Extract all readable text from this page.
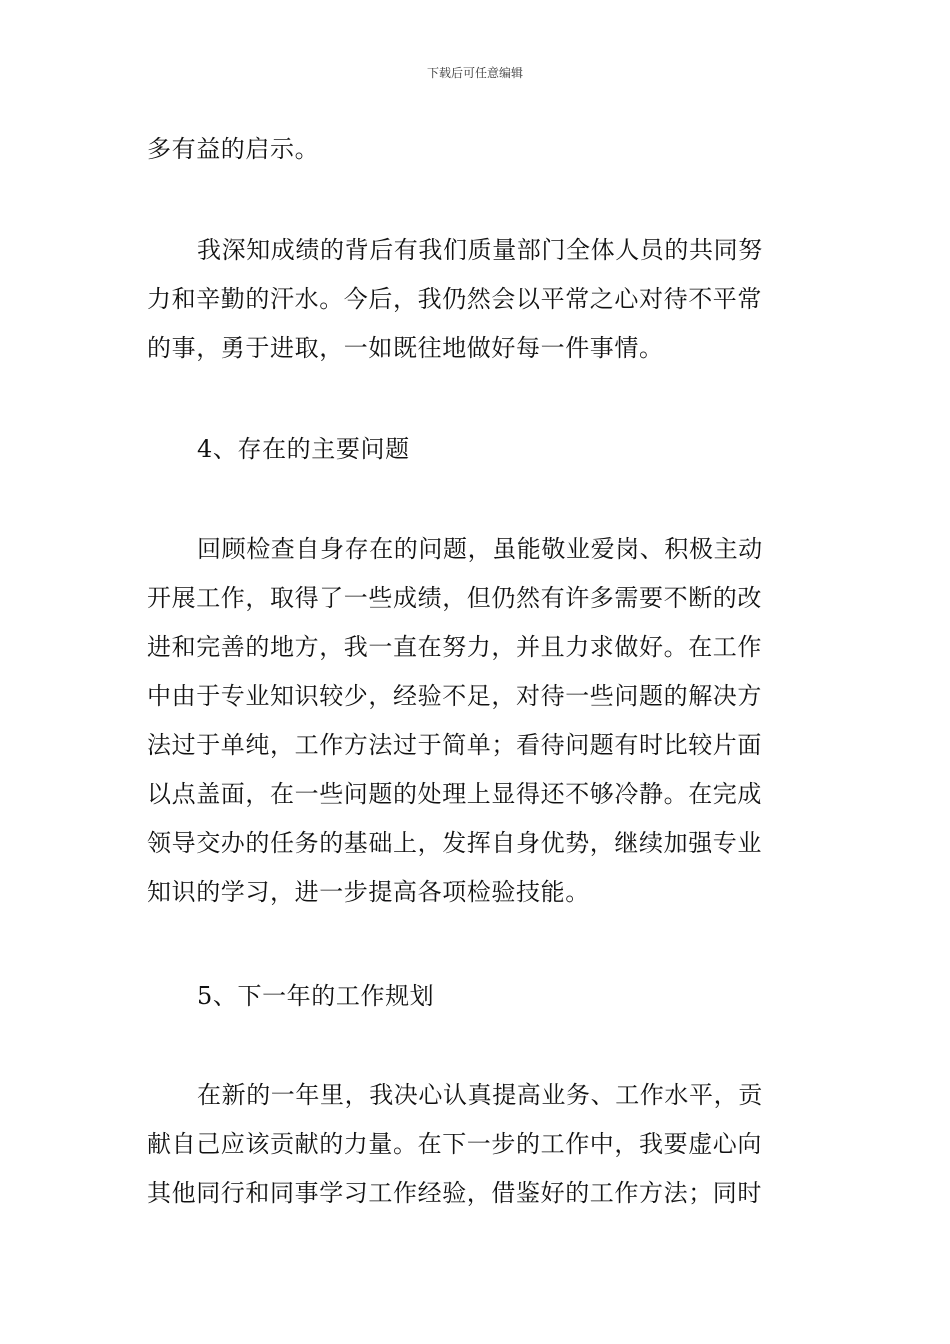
下载后可任意编辑
多有益的启示。
我深知成绩的背后有我们质量部门全体人员的共同努
力和辛勤的汗水。今后，我仍然会以平常之心对待不平常
的事，勇于进取，一如既往地做好每一件事情。
4、存在的主要问题
回顾检查自身存在的问题，虽能敬业爱岗、积极主动
开展工作，取得了一些成绩，但仍然有许多需要不断的改
进和完善的地方，我一直在努力，并且力求做好。在工作
中由于专业知识较少，经验不足，对待一些问题的解决方
法过于单纯，工作方法过于简单；看待问题有时比较片面
以点盖面，在一些问题的处理上显得还不够冷静。在完成
领导交办的任务的基础上，发挥自身优势，继续加强专业
知识的学习，进一步提高各项检验技能。
5、下一年的工作规划
在新的一年里，我决心认真提高业务、工作水平，贡
献自己应该贡献的力量。在下一步的工作中，我要虚心向
其他同行和同事学习工作经验，借鉴好的工作方法；同时
